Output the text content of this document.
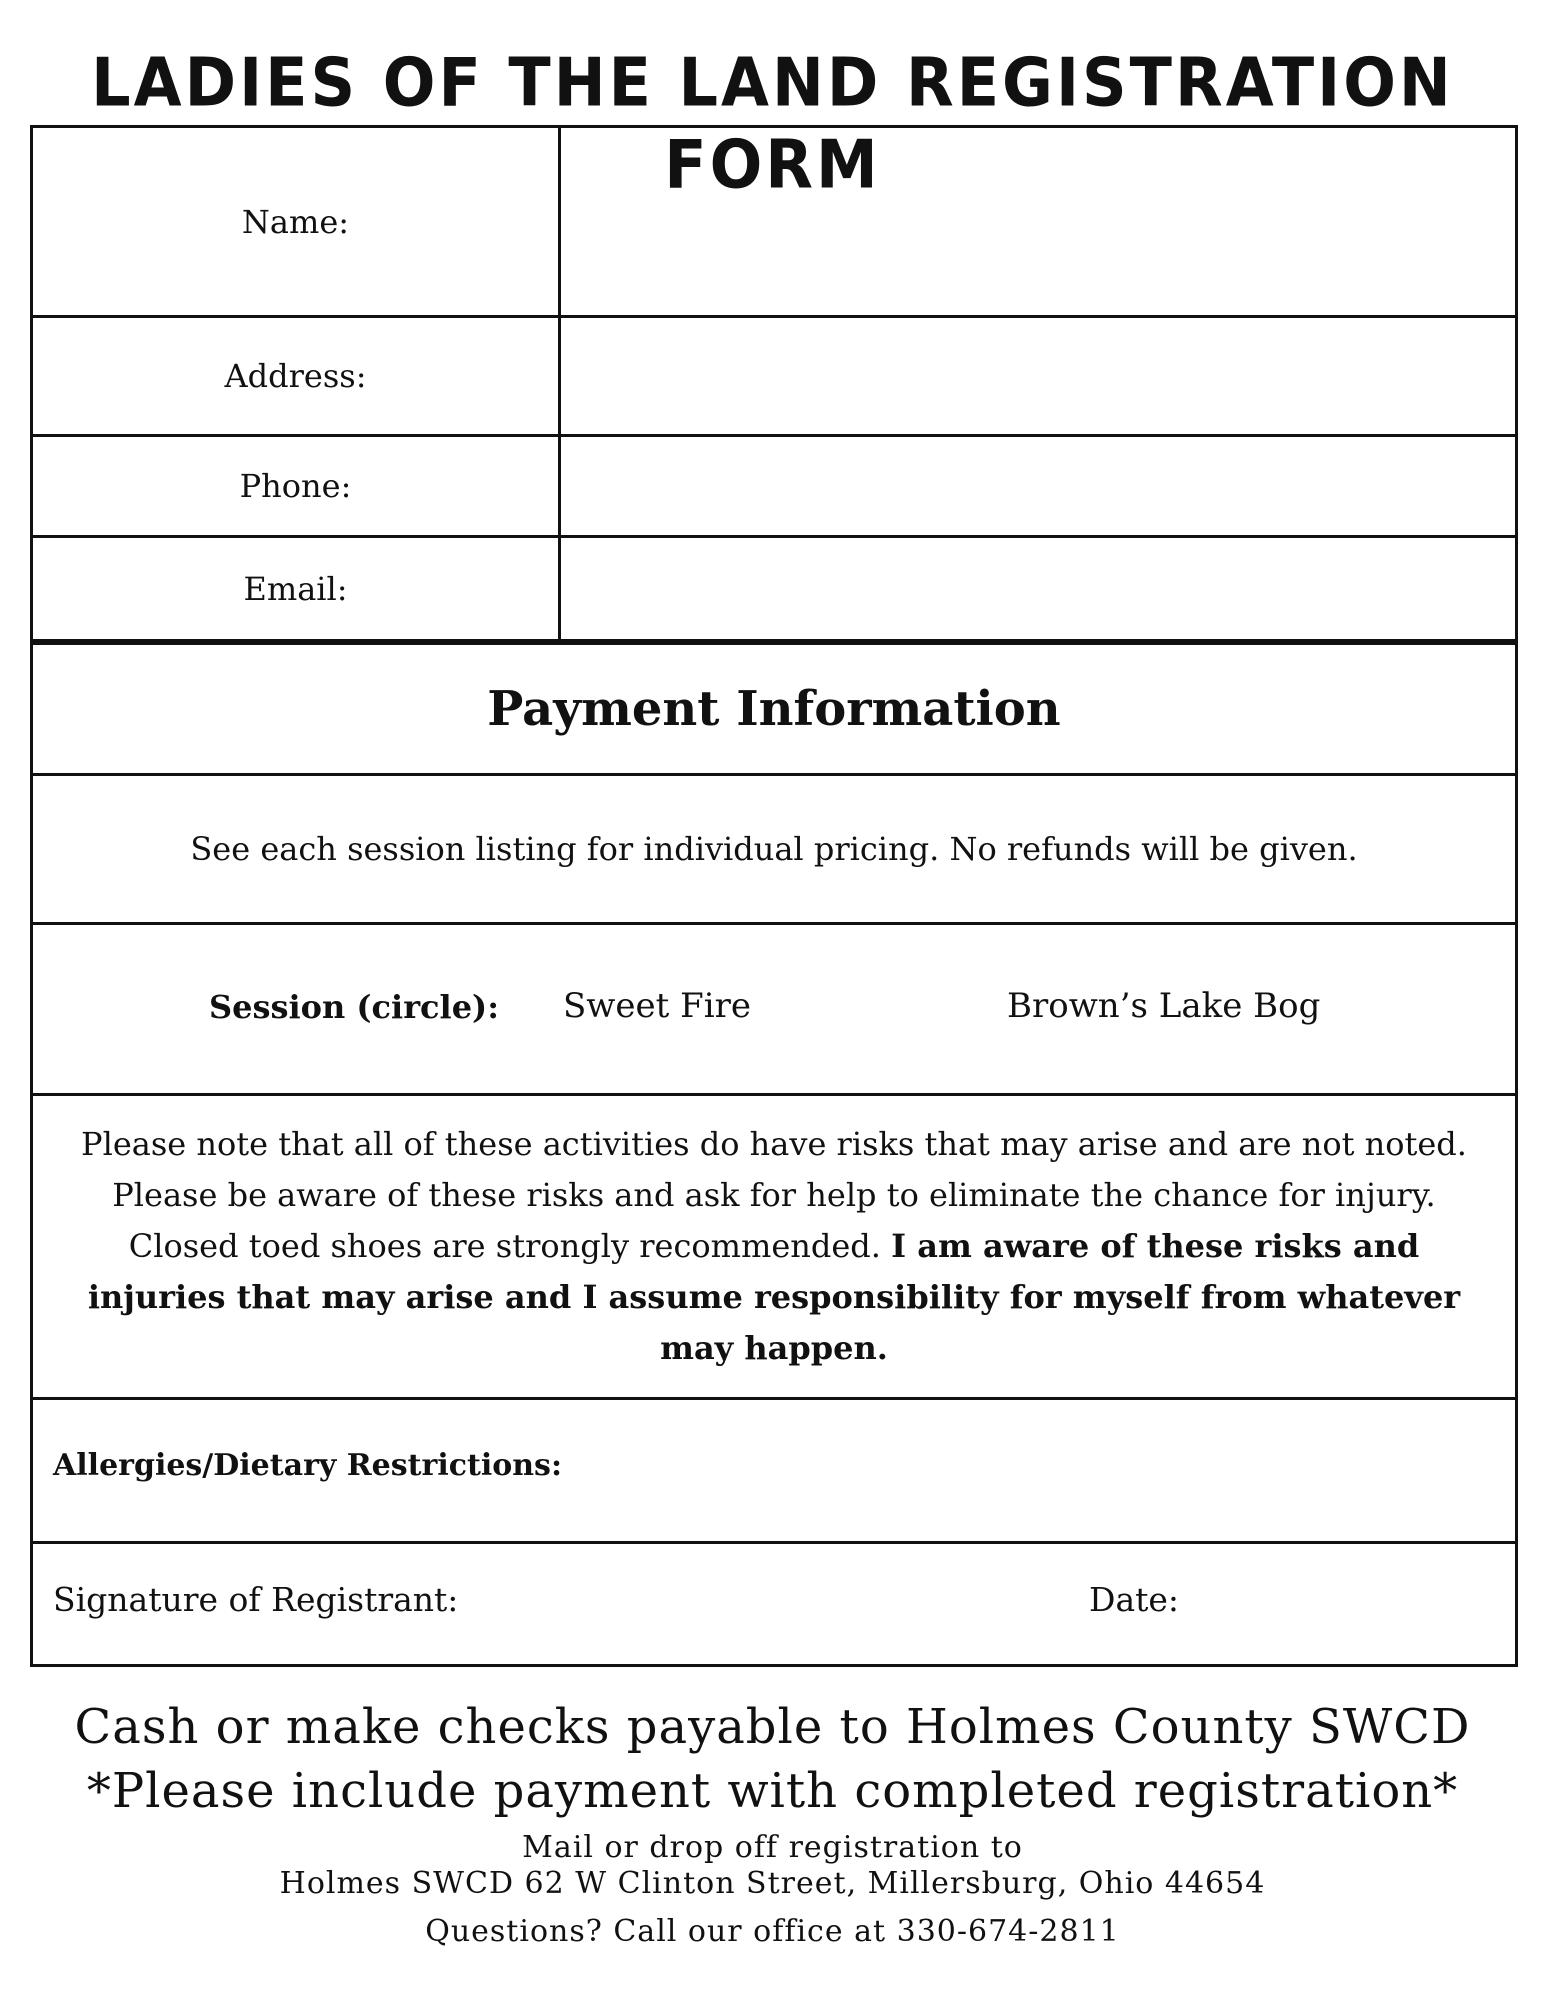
LADIES OF THE LAND REGISTRATION FORM
Name:
Address:
Phone:
Email:
Payment Information
See each session listing for individual pricing. No refunds will be given.
Session (circle): Sweet Fire	Brown’s Lake Bog
Please note that all of these activities do have risks that may arise and are not noted. Please be aware of these risks and ask for help to eliminate the chance for injury. Closed toed shoes are strongly recommended. I am aware of these risks and injuries that may arise and I assume responsibility for myself from whatever may happen.
Allergies/Dietary Restrictions:
Signature of Registrant:	Date:
Cash or make checks payable to Holmes County SWCD
*Please include payment with completed registration*
Mail or drop off registration to
Holmes SWCD 62 W Clinton Street, Millersburg, Ohio 44654
Questions? Call our office at 330-674-2811
